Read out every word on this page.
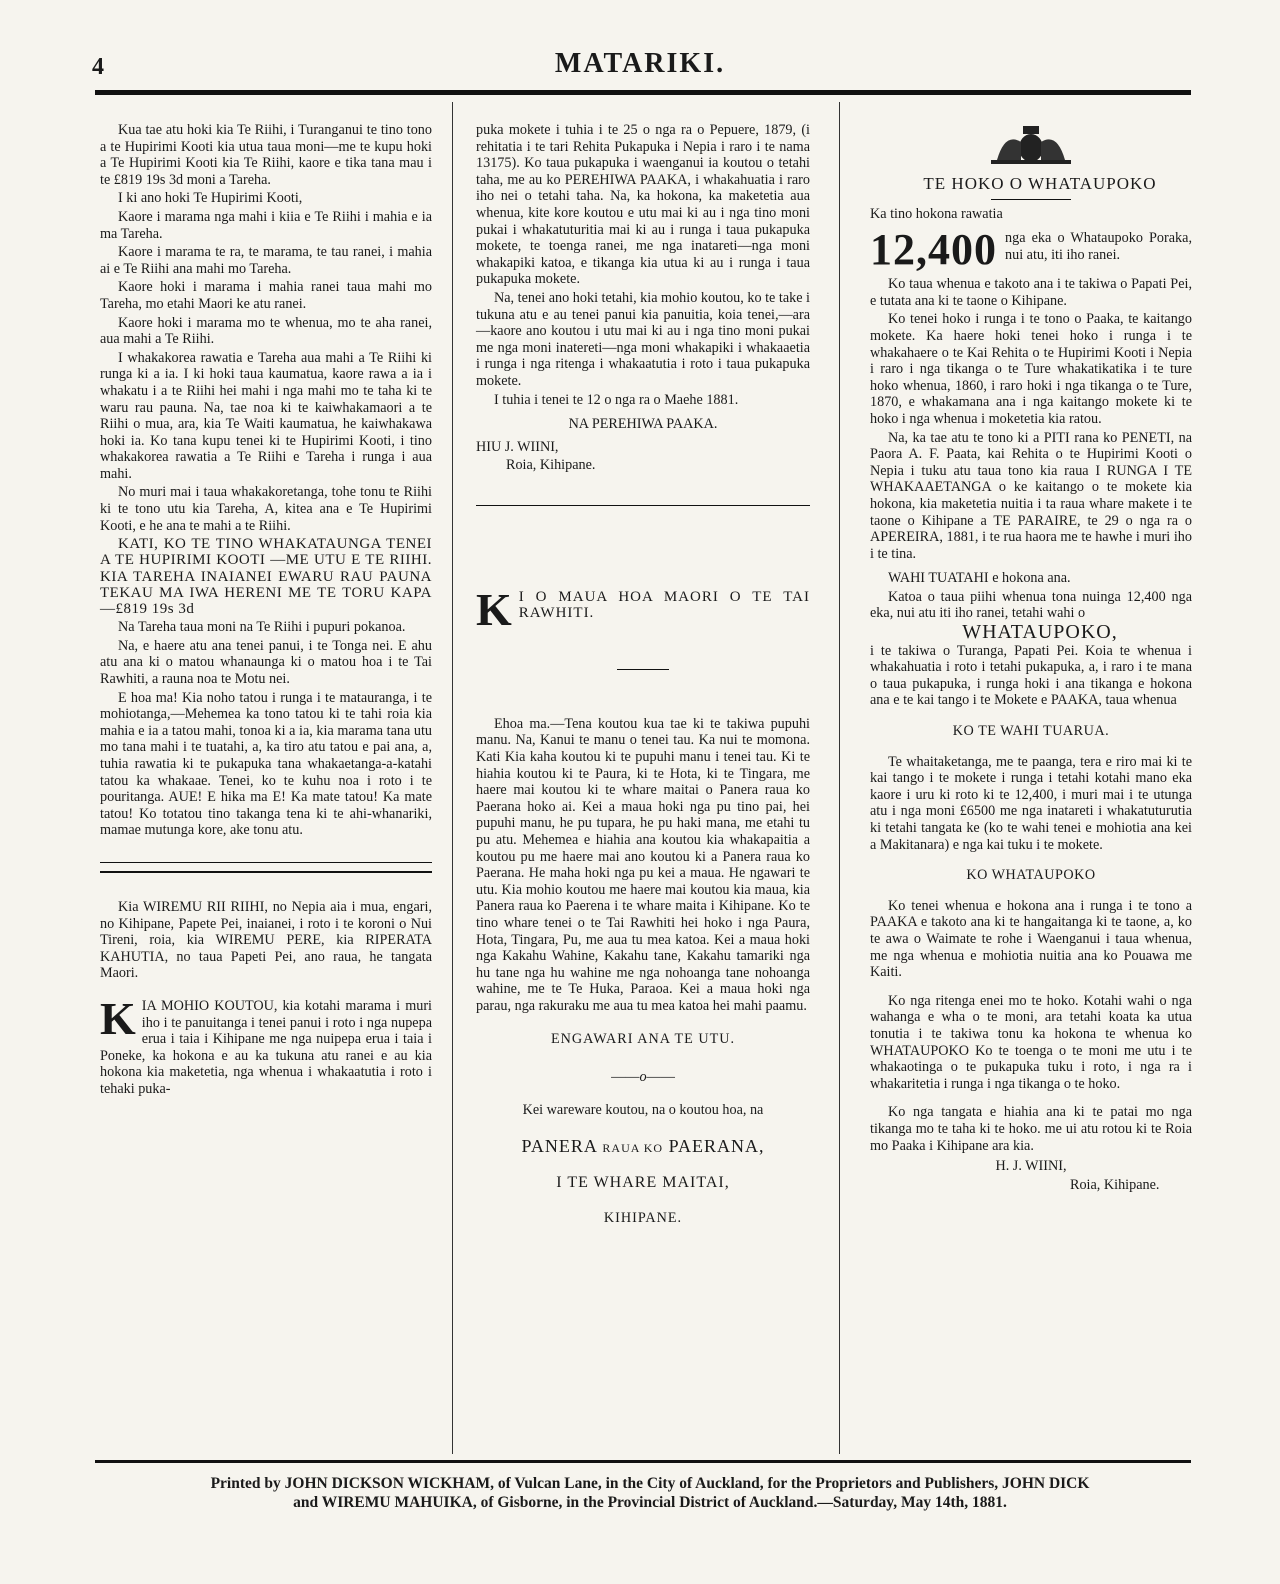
4	MATARIKI.

Kua tae atu hoki kia Te Riihi, i Turanganui te tino tono a te Hupirimi Kooti kia utua taua moni—me te kupu hoki a Te Hupirimi Kooti kia Te Riihi, kaore e tika tana mau i te £819 19s 3d moni a Tareha.

I ki ano hoki Te Hupirimi Kooti,

Kaore i marama nga mahi i kiia e Te Riihi i mahia e ia ma Tareha.

Kaore i marama te ra, te marama, te tau ranei, i mahia ai e Te Riihi ana mahi mo Tareha.

Kaore hoki i marama i mahia ranei taua mahi mo Tareha, mo etahi Maori ke atu ranei.

Kaore hoki i marama mo te whenua, mo te aha ranei, aua mahi a Te Riihi.

I whakakorea rawatia e Tareha aua mahi a Te Riihi ki runga ki a ia. I ki hoki taua kaumatua, kaore rawa a ia i whakatu i a te Riihi hei mahi i nga mahi mo te taha ki te waru rau pauna. Na, tae noa ki te kaiwhakamaori a te Riihi o mua, ara, kia Te Waiti kaumatua, he kaiwhakawa hoki ia. Ko tana kupu tenei ki te Hupirimi Kooti, i tino whakakorea rawatia a Te Riihi e Tareha i runga i aua mahi.

No muri mai i taua whakakoretanga, tohe tonu te Riihi ki te tono utu kia Tareha, A, kitea ana e Te Hupirimi Kooti, e he ana te mahi a te Riihi.

KATI, KO TE TINO WHAKATAUNGA TENEI A TE HUPIRIMI KOOTI —ME UTU E TE RIIHI. KIA TAREHA INAIANEI EWARU RAU PAUNA TEKAU MA IWA HERENI ME TE TORU KAPA—£819 19s 3d

Na Tareha taua moni na Te Riihi i pupuri pokanoa.

Na, e haere atu ana tenei panui, i te Tonga nei. E ahu atu ana ki o matou whanaunga ki o matou hoa i te Tai Rawhiti, a rauna noa te Motu nei.

E hoa ma! Kia noho tatou i runga i te matauranga, i te mohiotanga,—Mehemea ka tono tatou ki te tahi roia kia mahia e ia a tatou mahi, tonoa ki a ia, kia marama tana utu mo tana mahi i te tuatahi, a, ka tiro atu tatou e pai ana, a, tuhia rawatia ki te pukapuka tana whakaetanga-a-katahi tatou ka whakaae. Tenei, ko te kuhu noa i roto i te pouritanga. AUE! E hika ma E! Ka mate tatou! Ka mate tatou! Ko totatou tino takanga tena ki te ahi-whanariki, mamae mutunga kore, ake tonu atu.

Kia WIREMU RII RIIHI, no Nepia aia i mua, engari, no Kihipane, Papete Pei, inaianei, i roto i te koroni o Nui Tireni, roia, kia WIREMU PERE, kia RIPERATA KAHUTIA, no taua Papeti Pei, ano raua, he tangata Maori.

KIA MOHIO KOUTOU, kia kotahi marama i muri iho i te panuitanga i tenei panui i roto i nga nupepa erua i taia i Kihipane me nga nuipepa erua i taia i Poneke, ka hokona e au ka tukuna atu ranei e au kia hokona kia maketetia, nga whenua i whakaatutia i roto i tehaki puka-

puka mokete i tuhia i te 25 o nga ra o Pepuere, 1879, (i rehitatia i te tari Rehita Pukapuka i Nepia i raro i te nama 13175). Ko taua pukapuka i waenganui ia koutou o tetahi taha, me au ko PEREHIWA PAAKA, i whakahuatia i raro iho nei o tetahi taha. Na, ka hokona, ka maketetia aua whenua, kite kore koutou e utu mai ki au i nga tino moni pukai i whakatuturitia mai ki au i runga i taua pukapuka mokete, te toenga ranei, me nga inatareti—nga moni whakapiki katoa, e tikanga kia utua ki au i runga i taua pukapuka mokete.

Na, tenei ano hoki tetahi, kia mohio koutou, ko te take i tukuna atu e au tenei panui kia panuitia, koia tenei,—ara—kaore ano koutou i utu mai ki au i nga tino moni pukai me nga moni inatereti—nga moni whakapiki i whakaaetia i runga i nga ritenga i whakaatutia i roto i taua pukapuka mokete.

I tuhia i tenei te 12 o nga ra o Maehe 1881.

NA PEREHIWA PAAKA.

HIU J. WIINI,

Roia, Kihipane.

K I O MAUA HOA MAORI O TE TAI RAWHITI.

Ehoa ma.—Tena koutou kua tae ki te takiwa pupuhi manu. Na, Kanui te manu o tenei tau. Ka nui te momona. Kati Kia kaha koutou ki te pupuhi manu i tenei tau. Ki te hiahia koutou ki te Paura, ki te Hota, ki te Tingara, me haere mai koutou ki te whare maitai o Panera raua ko Paerana hoko ai. Kei a maua hoki nga pu tino pai, hei pupuhi manu, he pu tupara, he pu haki mana, me etahi tu pu atu. Mehemea e hiahia ana koutou kia whakapaitia a koutou pu me haere mai ano koutou ki a Panera raua ko Paerana. He maha hoki nga pu kei a maua. He ngawari te utu. Kia mohio koutou me haere mai koutou kia maua, kia Panera raua ko Paerena i te whare maita i Kihipane. Ko te tino whare tenei o te Tai Rawhiti hei hoko i nga Paura, Hota, Tingara, Pu, me aua tu mea katoa. Kei a maua hoki nga Kakahu Wahine, Kakahu tane, Kakahu tamariki nga hu tane nga hu wahine me nga nohoanga tane nohoanga wahine, me te Te Huka, Paraoa. Kei a maua hoki nga parau, nga rakuraku me aua tu mea katoa hei mahi paamu.

ENGAWARI ANA TE UTU.

——o——

Kei wareware koutou, na o koutou hoa, na

PANERA RAUA KO PAERANA,

I TE WHARE MAITAI,

KIHIPANE.

TE HOKO O WHATAUPOKO

Ka tino hokona rawatia

12,400 nga eka o Whataupoko Poraka, nui atu, iti iho ranei.

Ko taua whenua e takoto ana i te takiwa o Papati Pei, e tutata ana ki te taone o Kihipane.

Ko tenei hoko i runga i te tono o Paaka, te kaitango mokete. Ka haere hoki tenei hoko i runga i te whakahaere o te Kai Rehita o te Hupirimi Kooti i Nepia i raro i nga tikanga o te Ture whakatikatika i te ture hoko whenua, 1860, i raro hoki i nga tikanga o te Ture, 1870, e whakamana ana i nga kaitango mokete ki te hoko i nga whenua i moketetia kia ratou.

Na, ka tae atu te tono ki a PITI rana ko PENETI, na Paora A. F. Paata, kai Rehita o te Hupirimi Kooti o Nepia i tuku atu taua tono kia raua I RUNGA I TE WHAKAAETANGA o ke kaitango o te mokete kia hokona, kia maketetia nuitia i ta raua whare makete i te taone o Kihipane a TE PARAIRE, te 29 o nga ra o APEREIRA, 1881, i te rua haora me te hawhe i muri iho i te tina.

WAHI TUATAHI e hokona ana.

Katoa o taua piihi whenua tona nuinga 12,400 nga eka, nui atu iti iho ranei, tetahi wahi o

WHATAUPOKO,

i te takiwa o Turanga, Papati Pei. Koia te whenua i whakahuatia i roto i tetahi pukapuka, a, i raro i te mana o taua pukapuka, i runga hoki i ana tikanga e hokona ana e te kai tango i te Mokete e PAAKA, taua whenua

KO TE WAHI TUARUA.

Te whaitaketanga, me te paanga, tera e riro mai ki te kai tango i te mokete i runga i tetahi kotahi mano eka kaore i uru ki roto ki te 12,400, i muri mai i te utunga atu i nga moni £6500 me nga inatareti i whakatuturutia ki tetahi tangata ke (ko te wahi tenei e mohiotia ana kei a Makitanara) e nga kai tuku i te mokete.

KO WHATAUPOKO

Ko tenei whenua e hokona ana i runga i te tono a PAAKA e takoto ana ki te hangaitanga ki te taone, a, ko te awa o Waimate te rohe i Waenganui i taua whenua, me nga whenua e mohiotia nuitia ana ko Pouawa me Kaiti.

Ko nga ritenga enei mo te hoko. Kotahi wahi o nga wahanga e wha o te moni, ara tetahi koata ka utua tonutia i te takiwa tonu ka hokona te whenua ko WHATAUPOKO Ko te toenga o te moni me utu i te whakaotinga o te pukapuka tuku i roto, i nga ra i whakaritetia i runga i nga tikanga o te hoko.

Ko nga tangata e hiahia ana ki te patai mo nga tikanga mo te taha ki te hoko. me ui atu rotou ki te Roia mo Paaka i Kihipane ara kia.

H. J. WIINI,

Roia, Kihipane.

Printed by JOHN DICKSON WICKHAM, of Vulcan Lane, in the City of Auckland, for the Proprietors and Publishers, JOHN DICK
and WIREMU MAHUIKA, of Gisborne, in the Provincial District of Auckland.—Saturday, May 14th, 1881.
